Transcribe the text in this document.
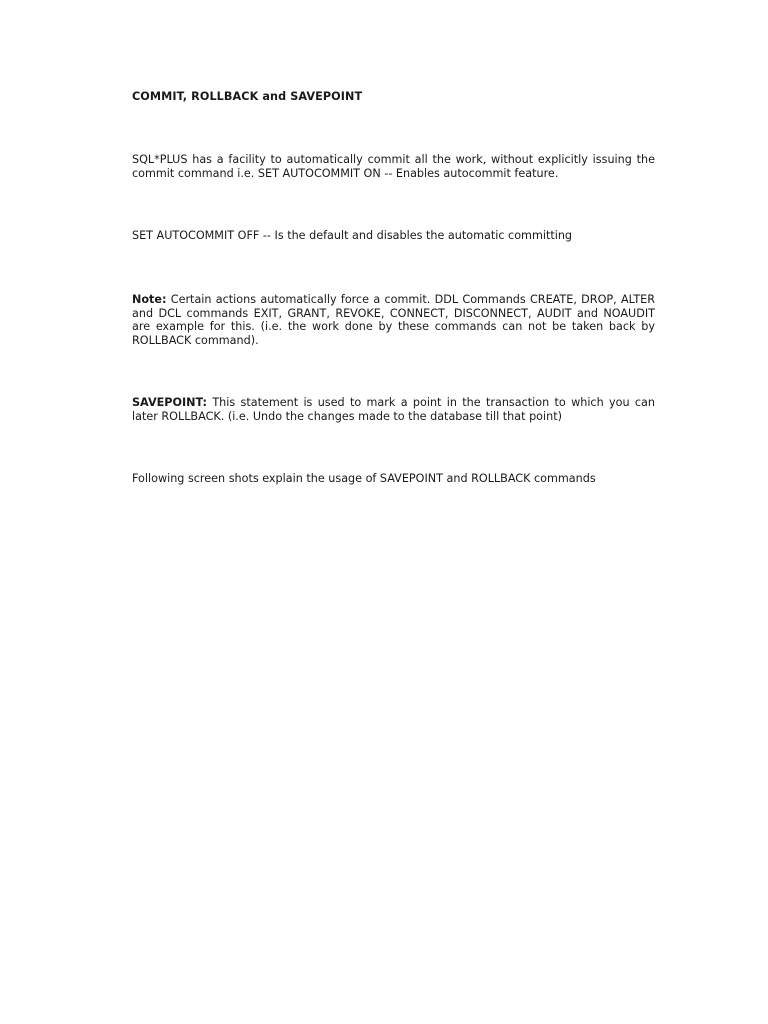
COMMIT, ROLLBACK and SAVEPOINT

SQL*PLUS has a facility to automatically commit all the work, without explicitly issuing the commit command i.e. SET AUTOCOMMIT ON -- Enables autocommit feature.

SET AUTOCOMMIT OFF -- Is the default and disables the automatic committing

Note: Certain actions automatically force a commit. DDL Commands CREATE, DROP, ALTER and DCL commands EXIT, GRANT, REVOKE, CONNECT, DISCONNECT, AUDIT and NOAUDIT are example for this. (i.e. the work done by these commands can not be taken back by ROLLBACK command).

SAVEPOINT: This statement is used to mark a point in the transaction to which you can later ROLLBACK. (i.e. Undo the changes made to the database till that point)

Following screen shots explain the usage of SAVEPOINT and ROLLBACK commands
